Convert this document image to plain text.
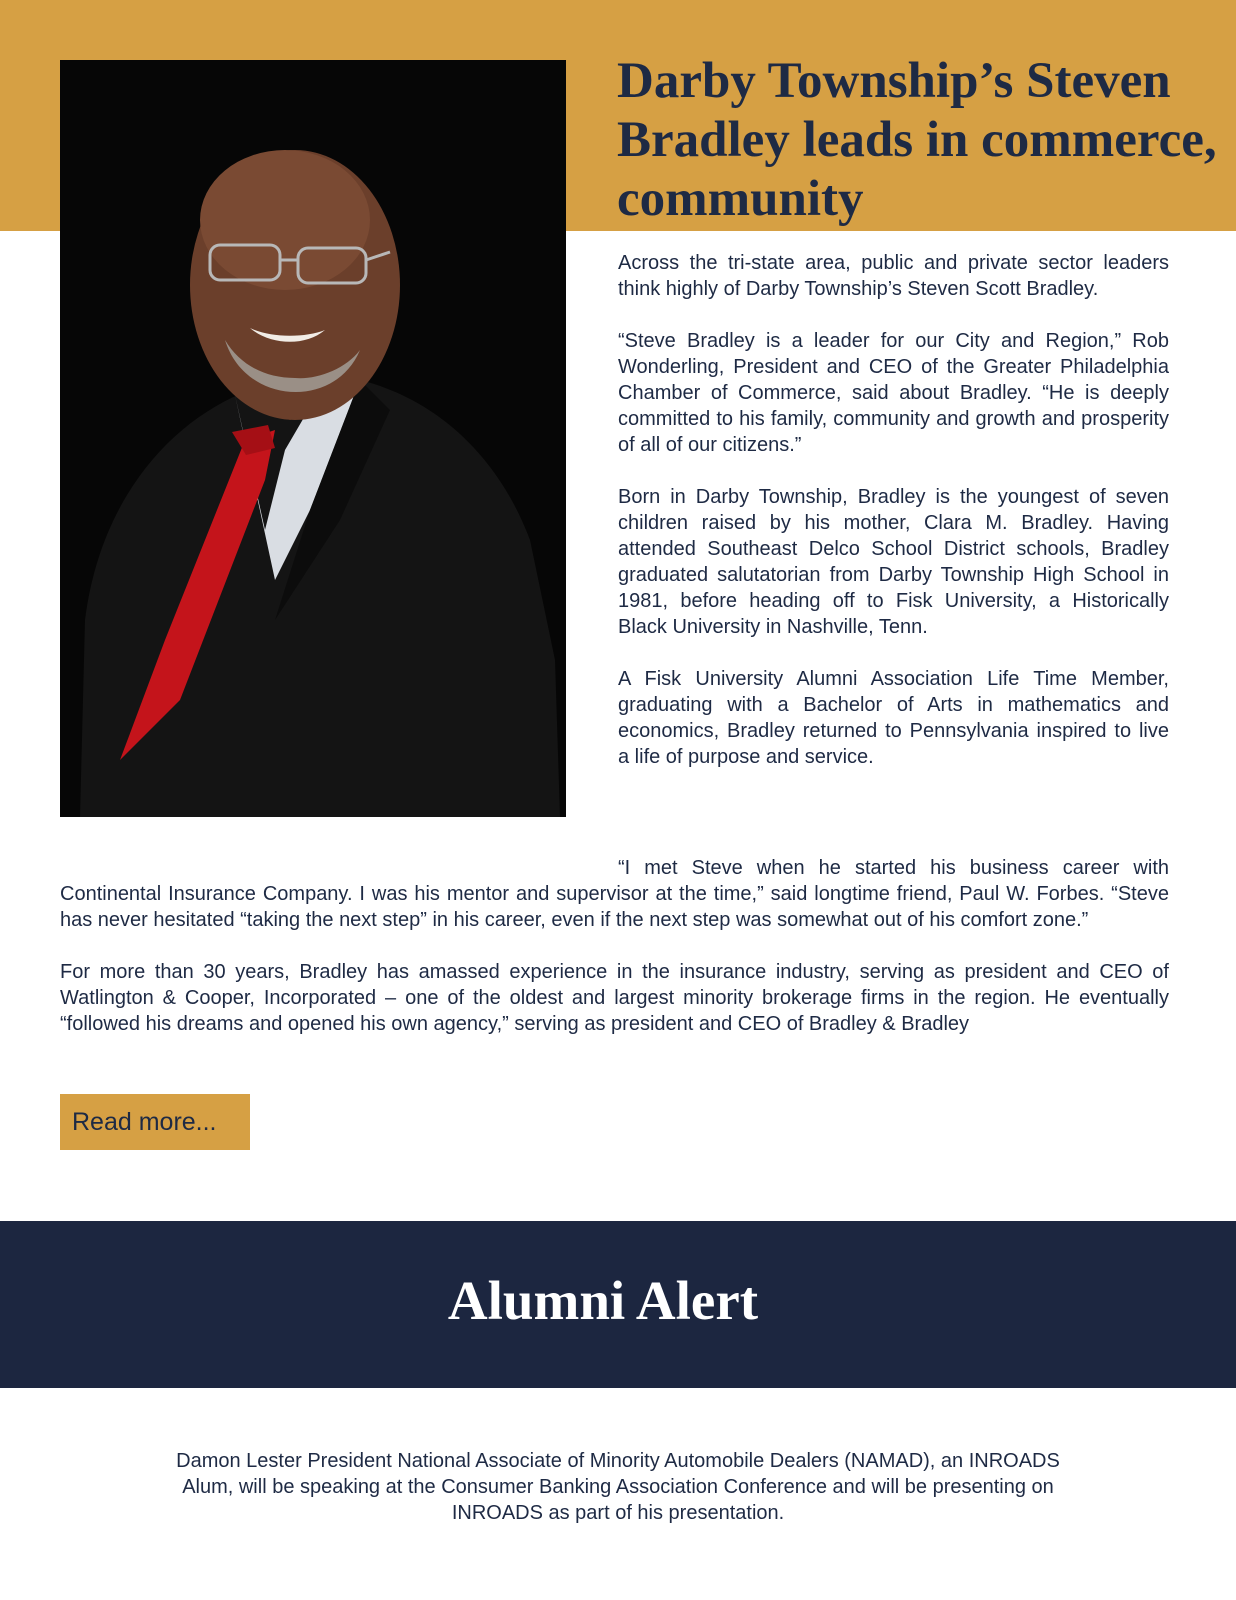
Darby Township’s Steven Bradley leads in commerce, community

Across the tri-state area, public and private sector leaders think highly of Darby Township’s Steven Scott Bradley.

“Steve Bradley is a leader for our City and Region,” Rob Wonderling, President and CEO of the Greater Philadelphia Chamber of Commerce, said about Bradley. “He is deeply committed to his family, community and growth and prosperity of all of our citizens.”

Born in Darby Township, Bradley is the youngest of seven children raised by his mother, Clara M. Bradley. Having attended Southeast Delco School District schools, Bradley graduated salutatorian from Darby Township High School in 1981, before heading off to Fisk University, a Historically Black University in Nashville, Tenn.

A Fisk University Alumni Association Life Time Member, graduating with a Bachelor of Arts in mathematics and economics, Bradley returned to Pennsylvania inspired to live a life of purpose and service.

“I met Steve when he started his business career with Continental Insurance Company. I was his mentor and supervisor at the time,” said longtime friend, Paul W. Forbes. “Steve has never hesitated “taking the next step” in his career, even if the next step was somewhat out of his comfort zone.”

For more than 30 years, Bradley has amassed experience in the insurance industry, serving as president and CEO of Watlington & Cooper, Incorporated – one of the oldest and largest minority brokerage firms in the region. He eventually “followed his dreams and opened his own agency,” serving as president and CEO of Bradley & Bradley

Read more...
Alumni Alert

Damon Lester President National Associate of Minority Automobile Dealers (NAMAD), an INROADS Alum, will be speaking at the Consumer Banking Association Conference and will be presenting on INROADS as part of his presentation.
